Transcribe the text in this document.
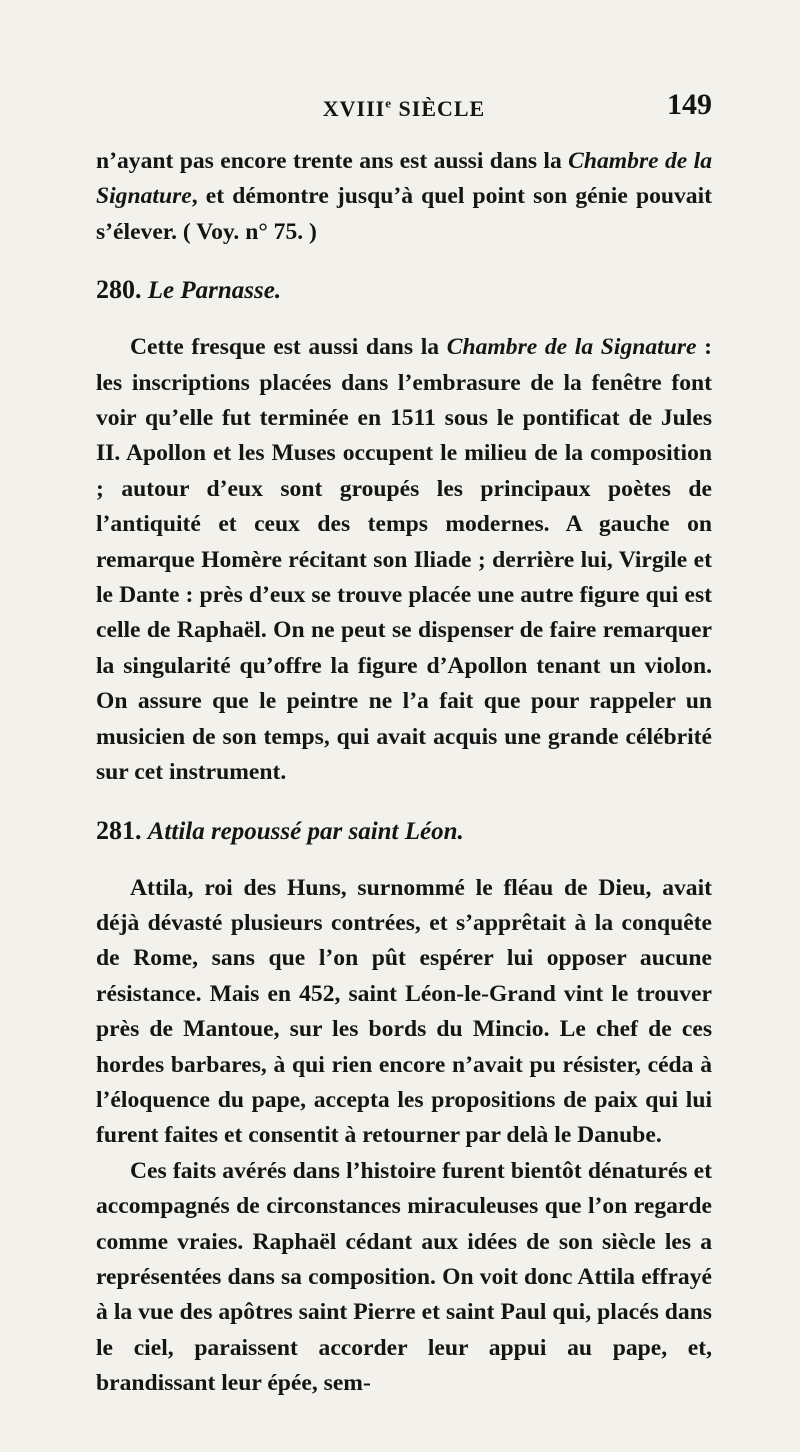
XVIIIe SIÈCLE	149

n’ayant pas encore trente ans est aussi dans la Chambre de la Signature, et démontre jusqu’à quel point son génie pouvait s’élever. ( Voy. n° 75. )

280. Le Parnasse.

Cette fresque est aussi dans la Chambre de la Signature : les inscriptions placées dans l’embrasure de la fenêtre font voir qu’elle fut terminée en 1511 sous le pontificat de Jules II. Apollon et les Muses occupent le milieu de la composition ; autour d’eux sont groupés les principaux poètes de l’antiquité et ceux des temps modernes. A gauche on remarque Homère récitant son Iliade ; derrière lui, Virgile et le Dante : près d’eux se trouve placée une autre figure qui est celle de Raphaël. On ne peut se dispenser de faire remarquer la singularité qu’offre la figure d’Apollon tenant un violon. On assure que le peintre ne l’a fait que pour rappeler un musicien de son temps, qui avait acquis une grande célébrité sur cet instrument.

281. Attila repoussé par saint Léon.

Attila, roi des Huns, surnommé le fléau de Dieu, avait déjà dévasté plusieurs contrées, et s’apprêtait à la conquête de Rome, sans que l’on pût espérer lui opposer aucune résistance. Mais en 452, saint Léon-le-Grand vint le trouver près de Mantoue, sur les bords du Mincio. Le chef de ces hordes barbares, à qui rien encore n’avait pu résister, céda à l’éloquence du pape, accepta les propositions de paix qui lui furent faites et consentit à retourner par delà le Danube.

Ces faits avérés dans l’histoire furent bientôt dénaturés et accompagnés de circonstances miraculeuses que l’on regarde comme vraies. Raphaël cédant aux idées de son siècle les a représentées dans sa composition. On voit donc Attila effrayé à la vue des apôtres saint Pierre et saint Paul qui, placés dans le ciel, paraissent accorder leur appui au pape, et, brandissant leur épée, sem-
